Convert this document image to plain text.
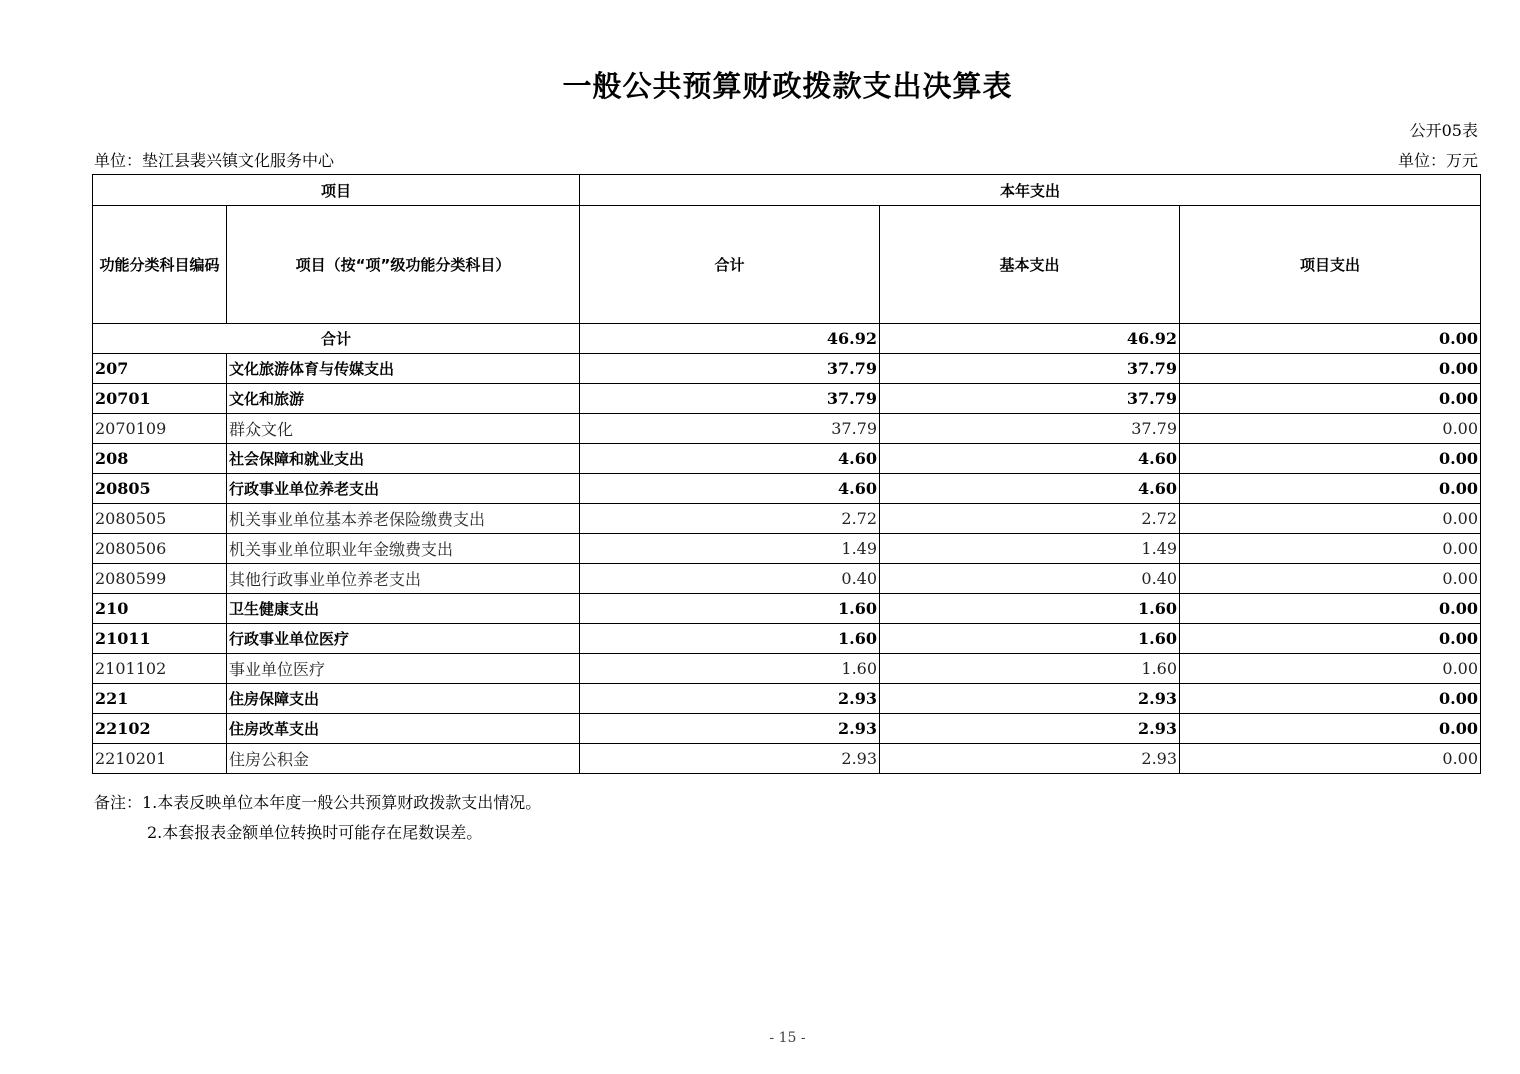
一般公共预算财政拨款支出决算表
公开05表
单位：垫江县裴兴镇文化服务中心	单位：万元
项目		本年支出		
功能分类科目编码	项目（按“项”级功能分类科目）	合计	基本支出	项目支出
合计		46.92	46.92	0.00
207	文化旅游体育与传媒支出	37.79	37.79	0.00
20701	文化和旅游	37.79	37.79	0.00
2070109	群众文化	37.79	37.79	0.00
208	社会保障和就业支出	4.60	4.60	0.00
20805	行政事业单位养老支出	4.60	4.60	0.00
2080505	机关事业单位基本养老保险缴费支出	2.72	2.72	0.00
2080506	机关事业单位职业年金缴费支出	1.49	1.49	0.00
2080599	其他行政事业单位养老支出	0.40	0.40	0.00
210	卫生健康支出	1.60	1.60	0.00
21011	行政事业单位医疗	1.60	1.60	0.00
2101102	事业单位医疗	1.60	1.60	0.00
221	住房保障支出	2.93	2.93	0.00
22102	住房改革支出	2.93	2.93	0.00
2210201	住房公积金	2.93	2.93	0.00
备注：1.本表反映单位本年度一般公共预算财政拨款支出情况。
2.本套报表金额单位转换时可能存在尾数误差。
- 15 -
